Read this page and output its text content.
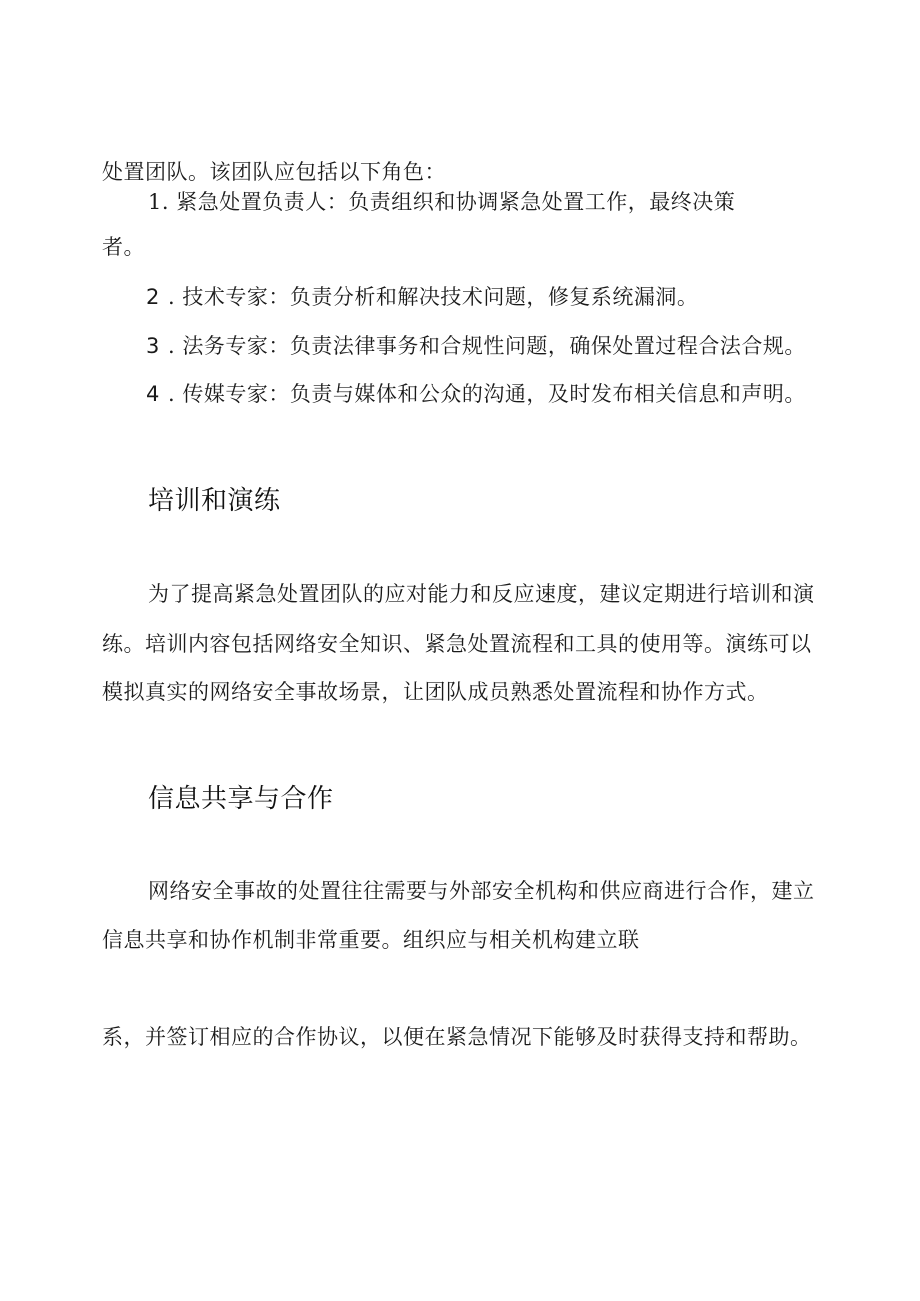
处置团队。该团队应包括以下角色：
1. 紧急处置负责人：负责组织和协调紧急处置工作，最终决策
者。
2 . 技术专家：负责分析和解决技术问题，修复系统漏洞。
3 . 法务专家：负责法律事务和合规性问题，确保处置过程合法合规。
4 . 传媒专家：负责与媒体和公众的沟通，及时发布相关信息和声明。
培训和演练
为了提高紧急处置团队的应对能力和反应速度，建议定期进行培训和演
练。培训内容包括网络安全知识、紧急处置流程和工具的使用等。演练可以
模拟真实的网络安全事故场景，让团队成员熟悉处置流程和协作方式。
信息共享与合作
网络安全事故的处置往往需要与外部安全机构和供应商进行合作，建立
信息共享和协作机制非常重要。组织应与相关机构建立联
系，并签订相应的合作协议，以便在紧急情况下能够及时获得支持和帮助。
